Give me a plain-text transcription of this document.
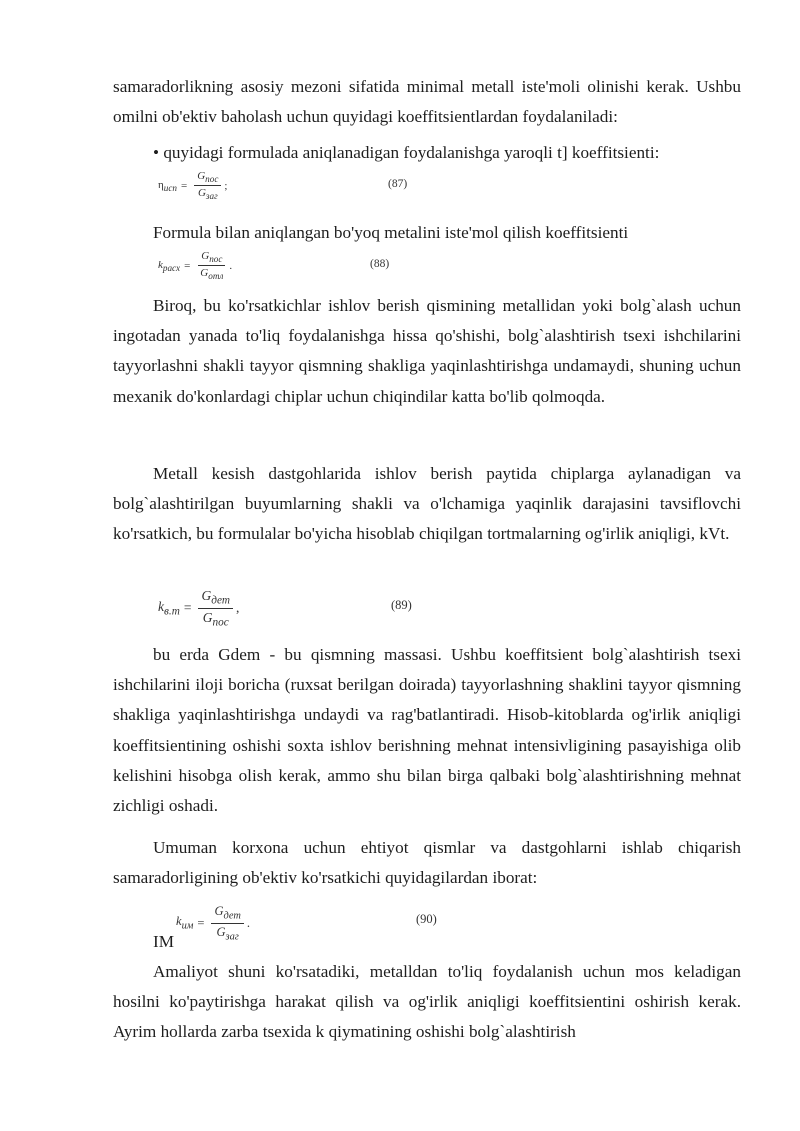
samaradorlikning asosiy mezoni sifatida minimal metall iste'moli olinishi kerak. Ushbu omilni ob'ektiv baholash uchun quyidagi koeffitsientlardan foydalaniladi:

• quyidagi formulada aniqlanadigan foydalanishga yaroqli t] koeffitsienti:
$\eta_{исп} = \frac{G_{пос}}{G_{заг}}$ ;	(87)
Formula bilan aniqlangan bo'yoq metalini iste'mol qilish koeffitsienti
$k_{расх} = \frac{G_{пос}}{G_{отл}}$ .	(88)

Biroq, bu ko'rsatkichlar ishlov berish qismining metallidan yoki bolg`alash uchun ingotadan yanada to'liq foydalanishga hissa qo'shishi, bolg`alashtirish tsexi ishchilarini tayyorlashni shakli tayyor qismning shakliga yaqinlashtirishga undamaydi, shuning uchun mexanik do'konlardagi chiplar uchun chiqindilar katta bo'lib qolmoqda.

Metall kesish dastgohlarida ishlov berish paytida chiplarga aylanadigan va bolg`alashtirilgan buyumlarning shakli va o'lchamiga yaqinlik darajasini tavsiflovchi ko'rsatkich, bu formulalar bo'yicha hisoblab chiqilgan tortmalarning og'irlik aniqligi, kVt.

$k_{в.т} = \frac{G_{дет}}{G_{пос}}$ ,	(89)

bu erda Gdem - bu qismning massasi. Ushbu koeffitsient bolg`alashtirish tsexi ishchilarini iloji boricha (ruxsat berilgan doirada) tayyorlashning shaklini tayyor qismning shakliga yaqinlashtirishga undaydi va rag'batlantiradi. Hisob-kitoblarda og'irlik aniqligi koeffitsientining oshishi soxta ishlov berishning mehnat intensivligining pasayishiga olib kelishini hisobga olish kerak, ammo shu bilan birga qalbaki bolg`alashtirishning mehnat zichligi oshadi.

Umuman korxona uchun ehtiyot qismlar va dastgohlarni ishlab chiqarish samaradorligining ob'ektiv ko'rsatkichi quyidagilardan iborat:

IM
$k_{им} = \frac{G_{дет}}{G_{заг}}$ .	(90)

Amaliyot shuni ko'rsatadiki, metalldan to'liq foydalanish uchun mos keladigan hosilni ko'paytirishga harakat qilish va og'irlik aniqligi koeffitsientini oshirish kerak. Ayrim hollarda zarba tsexida k qiymatining oshishi bolg`alashtirish
